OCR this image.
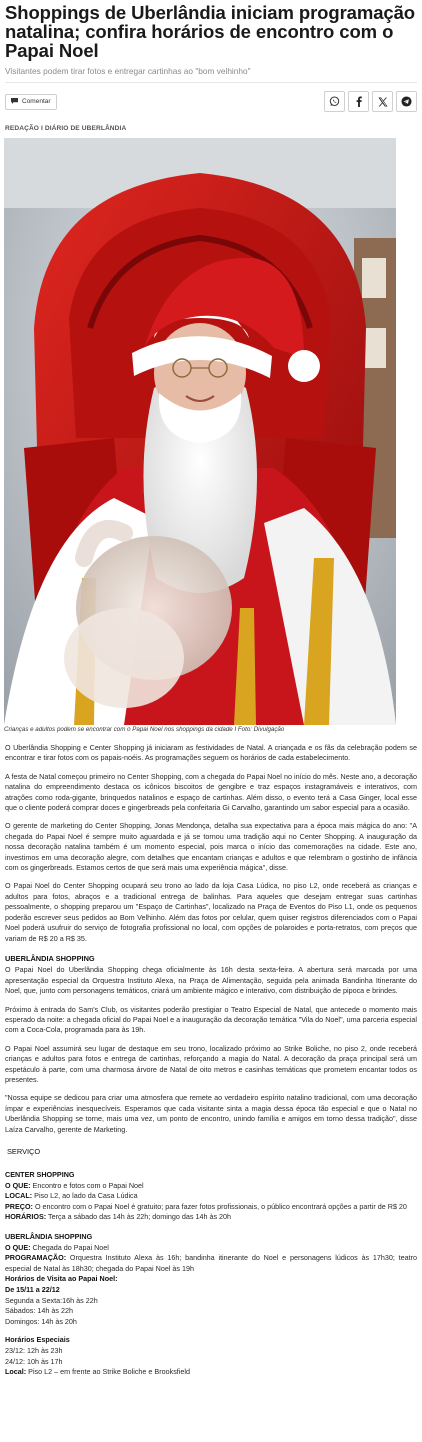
Shoppings de Uberlândia iniciam programação natalina; confira horários de encontro com o Papai Noel
Visitantes podem tirar fotos e entregar cartinhas ao "bom velhinho"
Comentar
REDAÇÃO I DIÁRIO DE UBERLÂNDIA
Crianças e adultos podem se encontrar com o Papai Noel nos shoppings da cidade I Foto: Divulgação

O Uberlândia Shopping e Center Shopping já iniciaram as festividades de Natal. A criançada e os fãs da celebração podem se encontrar e tirar fotos com os papais-noéis. As programações seguem os horários de cada estabelecimento.

A festa de Natal começou primeiro no Center Shopping, com a chegada do Papai Noel no início do mês. Neste ano, a decoração natalina do empreendimento destaca os icônicos biscoitos de gengibre e traz espaços instagramáveis e interativos, com atrações como roda-gigante, brinquedos natalinos e espaço de cartinhas. Além disso, o evento terá a Casa Ginger, local esse que o cliente poderá comprar doces e gingerbreads pela confeitaria Gi Carvalho, garantindo um sabor especial para a ocasião.

O gerente de marketing do Center Shopping, Jonas Mendonça, detalha sua expectativa para a época mais mágica do ano: "A chegada do Papai Noel é sempre muito aguardada e já se tornou uma tradição aqui no Center Shopping. A inauguração da nossa decoração natalina também é um momento especial, pois marca o início das comemorações na cidade. Este ano, investimos em uma decoração alegre, com detalhes que encantam crianças e adultos e que relembram o gostinho de infância com os gingerbreads. Estamos certos de que será mais uma experiência mágica", disse.

O Papai Noel do Center Shopping ocupará seu trono ao lado da loja Casa Lúdica, no piso L2, onde receberá as crianças e adultos para fotos, abraços e a tradicional entrega de balinhas. Para aqueles que desejam entregar suas cartinhas pessoalmente, o shopping preparou um "Espaço de Cartinhas", localizado na Praça de Eventos do Piso L1, onde os pequenos poderão escrever seus pedidos ao Bom Velhinho. Além das fotos por celular, quem quiser registros diferenciados com o Papai Noel poderá usufruir do serviço de fotografia profissional no local, com opções de polaroides e porta-retratos, com preços que variam de R$ 20 a R$ 35.

UBERLÂNDIA SHOPPING

O Papai Noel do Uberlândia Shopping chega oficialmente às 16h desta sexta-feira. A abertura será marcada por uma apresentação especial da Orquestra Instituto Alexa, na Praça de Alimentação, seguida pela animada Bandinha Itinerante do Noel, que, junto com personagens temáticos, criará um ambiente mágico e interativo, com distribuição de pipoca e brindes.

Próximo à entrada do Sam's Club, os visitantes poderão prestigiar o Teatro Especial de Natal, que antecede o momento mais esperado da noite: a chegada oficial do Papai Noel e a inauguração da decoração temática "Vila do Noel", uma parceria especial com a Coca-Cola, programada para às 19h.

O Papai Noel assumirá seu lugar de destaque em seu trono, localizado próximo ao Strike Boliche, no piso 2, onde receberá crianças e adultos para fotos e entrega de cartinhas, reforçando a magia do Natal. A decoração da praça principal será um espetáculo à parte, com uma charmosa árvore de Natal de oito metros e casinhas temáticas que prometem encantar todos os presentes.

"Nossa equipe se dedicou para criar uma atmosfera que remete ao verdadeiro espírito natalino tradicional, com uma decoração ímpar e experiências inesquecíveis. Esperamos que cada visitante sinta a magia dessa época tão especial e que o Natal no Uberlândia Shopping se torne, mais uma vez, um ponto de encontro, unindo família e amigos em torno dessa tradição", disse Laíza Carvalho, gerente de Marketing.

SERVIÇO
CENTER SHOPPING
O QUE: Encontro e fotos com o Papai Noel
LOCAL: Piso L2, ao lado da Casa Lúdica
PREÇO: O encontro com o Papai Noel é gratuito; para fazer fotos profissionais, o público encontrará opções a partir de R$ 20
HORÁRIOS: Terça a sábado das 14h às 22h; domingo das 14h às 20h
UBERLÂNDIA SHOPPING
O QUE: Chegada do Papai Noel
PROGRAMAÇÃO: Orquestra Instituto Alexa às 16h; bandinha itinerante do Noel e personagens lúdicos às 17h30; teatro especial de Natal às 18h30; chegada do Papai Noel às 19h
Horários de Visita ao Papai Noel:
De 15/11 a 22/12
Segunda a Sexta:16h às 22h
Sábados: 14h às 22h
Domingos: 14h às 20h
Horários Especiais
23/12: 12h às 23h
24/12: 10h às 17h
Local: Piso L2 – em frente ao Strike Boliche e Brooksfield
